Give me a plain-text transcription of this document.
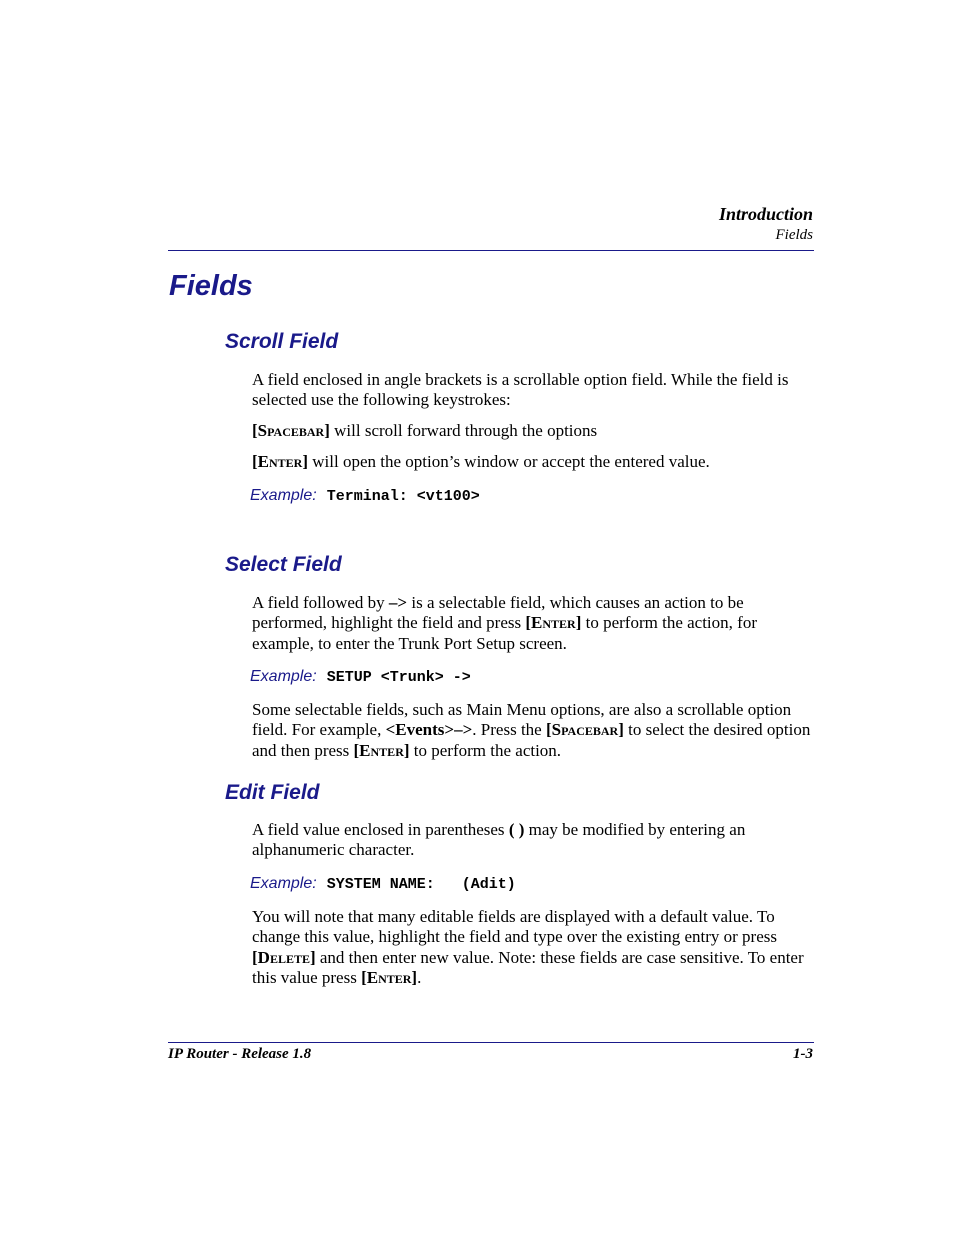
Introduction
Fields
Fields
Scroll Field
A field enclosed in angle brackets is a scrollable option field. While the field is selected use the following keystrokes:
[Spacebar] will scroll forward through the options
[Enter] will open the option’s window or accept the entered value.
Example: Terminal: <vt100>
Select Field
A field followed by –> is a selectable field, which causes an action to be performed, highlight the field and press [Enter] to perform the action, for example, to enter the Trunk Port Setup screen.
Example: SETUP <Trunk> ->
Some selectable fields, such as Main Menu options, are also a scrollable option field. For example, <Events>–>. Press the [Spacebar] to select the desired option and then press [Enter] to perform the action.
Edit Field
A field value enclosed in parentheses ( ) may be modified by entering an alphanumeric character.
Example: SYSTEM NAME:   (Adit)
You will note that many editable fields are displayed with a default value. To change this value, highlight the field and type over the existing entry or press [Delete] and then enter new value. Note: these fields are case sensitive. To enter this value press [Enter].
IP Router - Release 1.8	1-3
